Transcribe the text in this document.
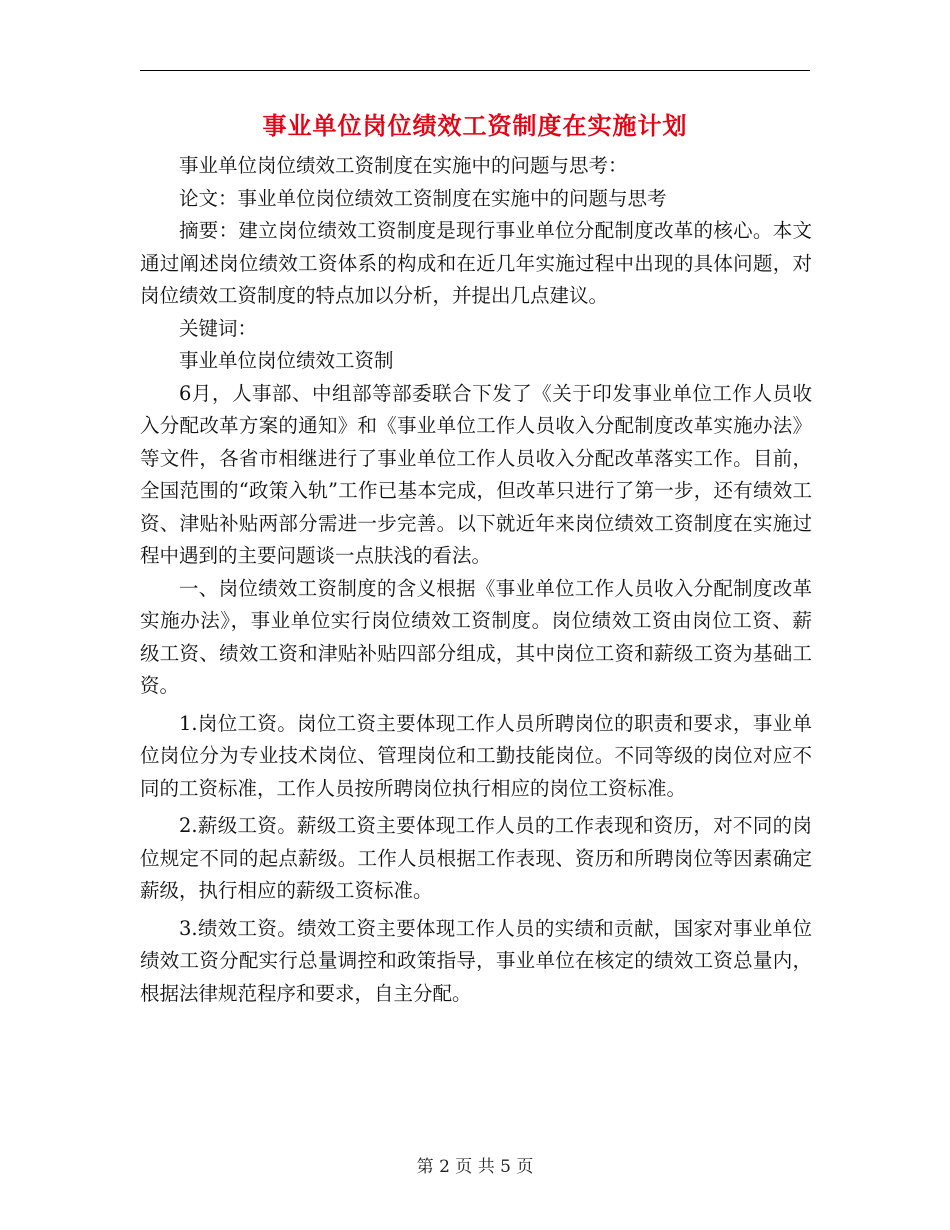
事业单位岗位绩效工资制度在实施计划

事业单位岗位绩效工资制度在实施中的问题与思考：

论文：事业单位岗位绩效工资制度在实施中的问题与思考

摘要：建立岗位绩效工资制度是现行事业单位分配制度改革的核心。本文通过阐述岗位绩效工资体系的构成和在近几年实施过程中出现的具体问题，对岗位绩效工资制度的特点加以分析，并提出几点建议。

关键词：

事业单位岗位绩效工资制

6月，人事部、中组部等部委联合下发了《关于印发事业单位工作人员收入分配改革方案的通知》和《事业单位工作人员收入分配制度改革实施办法》等文件，各省市相继进行了事业单位工作人员收入分配改革落实工作。目前，全国范围的“政策入轨”工作已基本完成，但改革只进行了第一步，还有绩效工资、津贴补贴两部分需进一步完善。以下就近年来岗位绩效工资制度在实施过程中遇到的主要问题谈一点肤浅的看法。

一、岗位绩效工资制度的含义根据《事业单位工作人员收入分配制度改革实施办法》，事业单位实行岗位绩效工资制度。岗位绩效工资由岗位工资、薪级工资、绩效工资和津贴补贴四部分组成，其中岗位工资和薪级工资为基础工资。

1.岗位工资。岗位工资主要体现工作人员所聘岗位的职责和要求，事业单位岗位分为专业技术岗位、管理岗位和工勤技能岗位。不同等级的岗位对应不同的工资标准，工作人员按所聘岗位执行相应的岗位工资标准。

2.薪级工资。薪级工资主要体现工作人员的工作表现和资历，对不同的岗位规定不同的起点薪级。工作人员根据工作表现、资历和所聘岗位等因素确定薪级，执行相应的薪级工资标准。

3.绩效工资。绩效工资主要体现工作人员的实绩和贡献，国家对事业单位绩效工资分配实行总量调控和政策指导，事业单位在核定的绩效工资总量内，根据法律规范程序和要求，自主分配。

第 2 页 共 5 页
